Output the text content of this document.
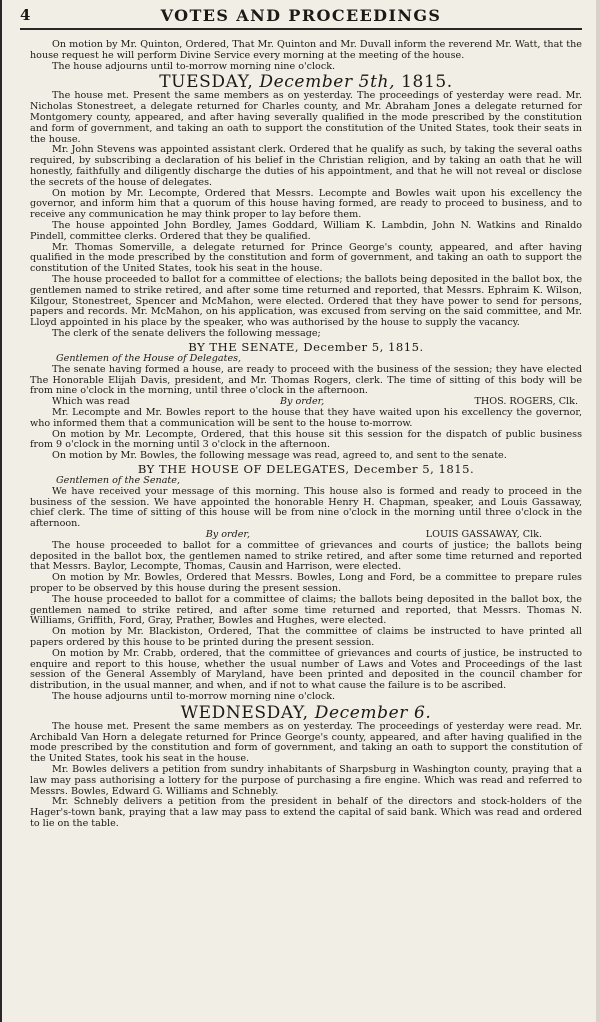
4	VOTES AND PROCEEDINGS

On motion by Mr. Quinton, Ordered, That Mr. Quinton and Mr. Duvall inform the reverend Mr. Watt, that the house request he will perform Divine Service every morning at the meeting of the house.

The house adjourns until to-morrow morning nine o'clock.

TUESDAY, December 5th, 1815.

The house met. Present the same members as on yesterday. The proceedings of yesterday were read. Mr. Nicholas Stonestreet, a delegate returned for Charles county, and Mr. Abraham Jones a delegate returned for Montgomery county, appeared, and after having severally qualified in the mode prescribed by the constitution and form of government, and taking an oath to support the constitution of the United States, took their seats in the house.

Mr. John Stevens was appointed assistant clerk. Ordered that he qualify as such, by taking the several oaths required, by subscribing a declaration of his belief in the Christian religion, and by taking an oath that he will honestly, faithfully and diligently discharge the duties of his appointment, and that he will not reveal or disclose the secrets of the house of delegates.

On motion by Mr. Lecompte, Ordered that Messrs. Lecompte and Bowles wait upon his excellency the governor, and inform him that a quorum of this house having formed, are ready to proceed to business, and to receive any communication he may think proper to lay before them.

The house appointed John Bordley, James Goddard, William K. Lambdin, John N. Watkins and Rinaldo Pindell, committee clerks. Ordered that they be qualified.

Mr. Thomas Somerville, a delegate returned for Prince George's county, appeared, and after having qualified in the mode prescribed by the constitution and form of government, and taking an oath to support the constitution of the United States, took his seat in the house.

The house proceeded to ballot for a committee of elections; the ballots being deposited in the ballot box, the gentlemen named to strike retired, and after some time returned and reported, that Messrs. Ephraim K. Wilson, Kilgour, Stonestreet, Spencer and McMahon, were elected. Ordered that they have power to send for persons, papers and records. Mr. McMahon, on his application, was excused from serving on the said committee, and Mr. Lloyd appointed in his place by the speaker, who was authorised by the house to supply the vacancy.

The clerk of the senate delivers the following message;

BY THE SENATE, December 5, 1815.

Gentlemen of the House of Delegates,

The senate having formed a house, are ready to proceed with the business of the session; they have elected The Honorable Elijah Davis, president, and Mr. Thomas Rogers, clerk. The time of sitting of this body will be from nine o'clock in the morning, until three o'clock in the afternoon.

Which was read	By order,	THOS. ROGERS, Clk.

Mr. Lecompte and Mr. Bowles report to the house that they have waited upon his excellency the governor, who informed them that a communication will be sent to the house to-morrow.

On motion by Mr. Lecompte, Ordered, that this house sit this session for the dispatch of public business from 9 o'clock in the morning until 3 o'clock in the afternoon.

On motion by Mr. Bowles, the following message was read, agreed to, and sent to the senate.

BY THE HOUSE OF DELEGATES, December 5, 1815.

Gentlemen of the Senate,

We have received your message of this morning. This house also is formed and ready to proceed in the business of the session. We have appointed the honorable Henry H. Chapman, speaker, and Louis Gassaway, chief clerk. The time of sitting of this house will be from nine o'clock in the morning until three o'clock in the afternoon.

By order,	LOUIS GASSAWAY, Clk.

The house proceeded to ballot for a committee of grievances and courts of justice; the ballots being deposited in the ballot box, the gentlemen named to strike retired, and after some time returned and reported that Messrs. Baylor, Lecompte, Thomas, Causin and Harrison, were elected.

On motion by Mr. Bowles, Ordered that Messrs. Bowles, Long and Ford, be a committee to prepare rules proper to be observed by this house during the present session.

The house proceeded to ballot for a committee of claims; the ballots being deposited in the ballot box, the gentlemen named to strike retired, and after some time returned and reported, that Messrs. Thomas N. Williams, Griffith, Ford, Gray, Prather, Bowles and Hughes, were elected.

On motion by Mr. Blackiston, Ordered, That the committee of claims be instructed to have printed all papers ordered by this house to be printed during the present session.

On motion by Mr. Crabb, ordered, that the committee of grievances and courts of justice, be instructed to enquire and report to this house, whether the usual number of Laws and Votes and Proceedings of the last session of the General Assembly of Maryland, have been printed and deposited in the council chamber for distribution, in the usual manner, and when, and if not to what cause the failure is to be ascribed.

The house adjourns until to-morrow morning nine o'clock.

WEDNESDAY, December 6.

The house met. Present the same members as on yesterday. The proceedings of yesterday were read. Mr. Archibald Van Horn a delegate returned for Prince George's county, appeared, and after having qualified in the mode prescribed by the constitution and form of government, and taking an oath to support the constitution of the United States, took his seat in the house.

Mr. Bowles delivers a petition from sundry inhabitants of Sharpsburg in Washington county, praying that a law may pass authorising a lottery for the purpose of purchasing a fire engine. Which was read and referred to Messrs. Bowles, Edward G. Williams and Schnebly.

Mr. Schnebly delivers a petition from the president in behalf of the directors and stock-holders of the Hager's-town bank, praying that a law may pass to extend the capital of said bank. Which was read and ordered to lie on the table.
